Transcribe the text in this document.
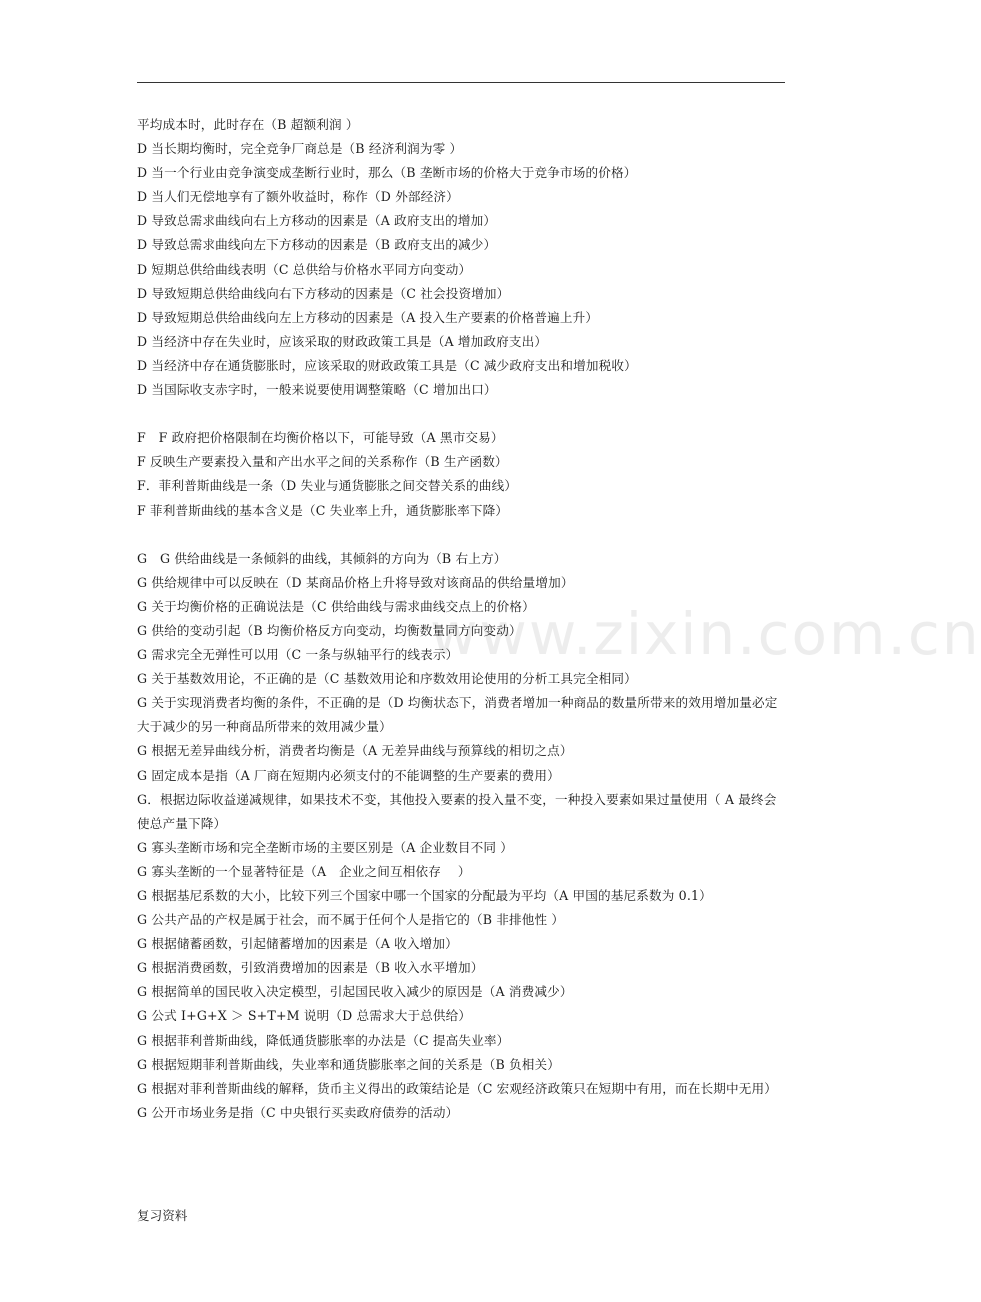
www.zixin.com.cn
平均成本时，此时存在（B 超额利润 ）
D 当长期均衡时，完全竞争厂商总是（B 经济利润为零 ）
D 当一个行业由竞争演变成垄断行业时，那么（B 垄断市场的价格大于竞争市场的价格）
D 当人们无偿地享有了额外收益时，称作（D 外部经济）
D 导致总需求曲线向右上方移动的因素是（A 政府支出的增加）
D 导致总需求曲线向左下方移动的因素是（B 政府支出的减少）
D 短期总供给曲线表明（C 总供给与价格水平同方向变动）
D 导致短期总供给曲线向右下方移动的因素是（C 社会投资增加）
D 导致短期总供给曲线向左上方移动的因素是（A 投入生产要素的价格普遍上升）
D 当经济中存在失业时，应该采取的财政政策工具是（A 增加政府支出）
D 当经济中存在通货膨胀时，应该采取的财政政策工具是（C 减少政府支出和增加税收）
D 当国际收支赤字时，一般来说要使用调整策略（C 增加出口）
F　F 政府把价格限制在均衡价格以下，可能导致（A 黑市交易）
F 反映生产要素投入量和产出水平之间的关系称作（B 生产函数）
F．菲利普斯曲线是一条（D 失业与通货膨胀之间交替关系的曲线）
F 菲利普斯曲线的基本含义是（C 失业率上升，通货膨胀率下降）
G　G 供给曲线是一条倾斜的曲线，其倾斜的方向为（B 右上方）
G 供给规律中可以反映在（D 某商品价格上升将导致对该商品的供给量增加）
G 关于均衡价格的正确说法是（C 供给曲线与需求曲线交点上的价格）
G 供给的变动引起（B 均衡价格反方向变动，均衡数量同方向变动）
G 需求完全无弹性可以用（C 一条与纵轴平行的线表示）
G 关于基数效用论，不正确的是（C 基数效用论和序数效用论使用的分析工具完全相同）
G 关于实现消费者均衡的条件，不正确的是（D 均衡状态下，消费者增加一种商品的数量所带来的效用增加量必定大于减少的另一种商品所带来的效用减少量）
G 根据无差异曲线分析，消费者均衡是（A 无差异曲线与预算线的相切之点）
G 固定成本是指（A 厂商在短期内必须支付的不能调整的生产要素的费用）
G．根据边际收益递减规律，如果技术不变，其他投入要素的投入量不变，一种投入要素如果过量使用（ A 最终会使总产量下降）
G 寡头垄断市场和完全垄断市场的主要区别是（A 企业数目不同 ）
G 寡头垄断的一个显著特征是（A　企业之间互相依存　 ）
G 根据基尼系数的大小，比较下列三个国家中哪一个国家的分配最为平均（A 甲国的基尼系数为 0.1）
G 公共产品的产权是属于社会，而不属于任何个人是指它的（B 非排他性 ）
G 根据储蓄函数，引起储蓄增加的因素是（A 收入增加）
G 根据消费函数，引致消费增加的因素是（B 收入水平增加）
G 根据简单的国民收入决定模型，引起国民收入减少的原因是（A 消费减少）
G 公式 I+G+X ＞ S+T+M 说明（D 总需求大于总供给）
G 根据菲利普斯曲线，降低通货膨胀率的办法是（C 提高失业率）
G 根据短期菲利普斯曲线，失业率和通货膨胀率之间的关系是（B 负相关）
G 根据对菲利普斯曲线的解释，货币主义得出的政策结论是（C 宏观经济政策只在短期中有用，而在长期中无用）
G 公开市场业务是指（C 中央银行买卖政府债券的活动）
复习资料
